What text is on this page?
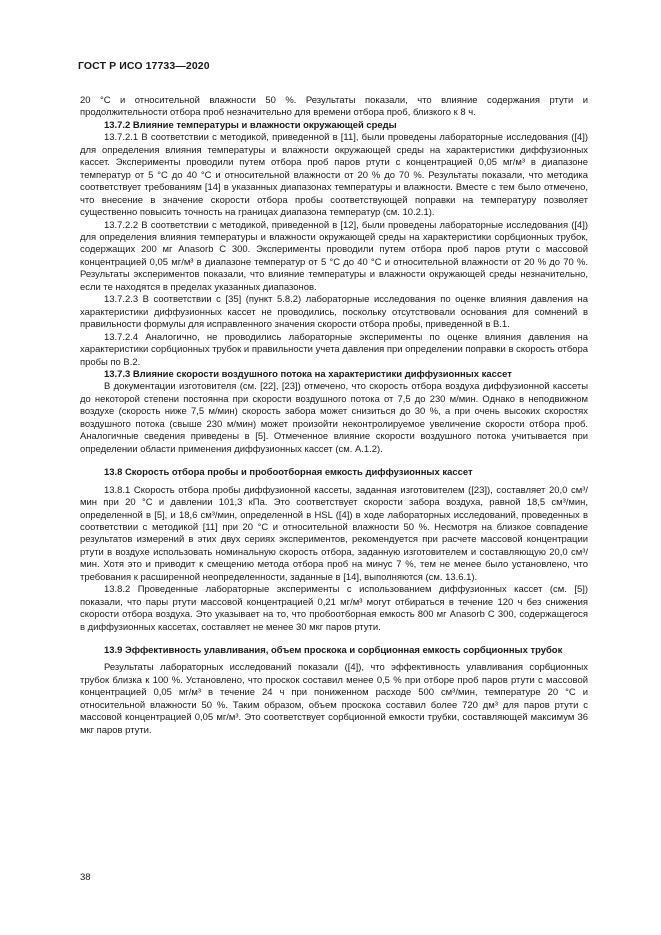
ГОСТ Р ИСО 17733—2020

20 °С и относительной влажности 50 %. Результаты показали, что влияние содержания ртути и продолжительности отбора проб незначительно для времени отбора проб, близкого к 8 ч.

13.7.2 Влияние температуры и влажности окружающей среды

13.7.2.1 В соответствии с методикой, приведенной в [11], были проведены лабораторные исследования ([4]) для определения влияния температуры и влажности окружающей среды на характеристики диффузионных кассет. Эксперименты проводили путем отбора проб паров ртути с концентрацией 0,05 мг/м³ в диапазоне температур от 5 °С до 40 °С и относительной влажности от 20 % до 70 %. Результаты показали, что методика соответствует требованиям [14] в указанных диапазонах температуры и влажности. Вместе с тем было отмечено, что внесение в значение скорости отбора пробы соответствующей поправки на температуру позволяет существенно повысить точность на границах диапазона температур (см. 10.2.1).

13.7.2.2 В соответствии с методикой, приведенной в [12], были проведены лабораторные исследования ([4]) для определения влияния температуры и влажности окружающей среды на характеристики сорбционных трубок, содержащих 200 мг Anasorb С 300. Эксперименты проводили путем отбора проб паров ртути с массовой концентрацией 0,05 мг/м³ в диапазоне температур от 5 °С до 40 °С и относительной влажности от 20 % до 70 %. Результаты экспериментов показали, что влияние температуры и влажности окружающей среды незначительно, если те находятся в пределах указанных диапазонов.

13.7.2.3 В соответствии с [35] (пункт 5.8.2) лабораторные исследования по оценке влияния давления на характеристики диффузионных кассет не проводились, поскольку отсутствовали основания для сомнений в правильности формулы для исправленного значения скорости отбора пробы, приведенной в В.1.

13.7.2.4 Аналогично, не проводились лабораторные эксперименты по оценке влияния давления на характеристики сорбционных трубок и правильности учета давления при определении поправки в скорость отбора пробы по В.2.

13.7.3 Влияние скорости воздушного потока на характеристики диффузионных кассет

В документации изготовителя (см. [22], [23]) отмечено, что скорость отбора воздуха диффузионной кассеты до некоторой степени постоянна при скорости воздушного потока от 7,5 до 230 м/мин. Однако в неподвижном воздухе (скорость ниже 7,5 м/мин) скорость забора может снизиться до 30 %, а при очень высоких скоростях воздушного потока (свыше 230 м/мин) может произойти неконтролируемое увеличение скорости отбора проб. Аналогичные сведения приведены в [5]. Отмеченное влияние скорости воздушного потока учитывается при определении области применения диффузионных кассет (см. А.1.2).

13.8 Скорость отбора пробы и пробоотборная емкость диффузионных кассет

13.8.1 Скорость отбора пробы диффузионной кассеты, заданная изготовителем ([23]), составляет 20,0 см³/мин при 20 °С и давлении 101,3 кПа. Это соответствует скорости забора воздуха, равной 18,5 см³/мин, определенной в [5], и 18,6 см³/мин, определенной в HSL ([4]) в ходе лабораторных исследований, проведенных в соответствии с методикой [11] при 20 °С и относительной влажности 50 %. Несмотря на близкое совпадение результатов измерений в этих двух сериях экспериментов, рекомендуется при расчете массовой концентрации ртути в воздухе использовать номинальную скорость отбора, заданную изготовителем и составляющую 20,0 см³/мин. Хотя это и приводит к смещению метода отбора проб на минус 7 %, тем не менее было установлено, что требования к расширенной неопределенности, заданные в [14], выполняются (см. 13.6.1).

13.8.2 Проведенные лабораторные эксперименты с использованием диффузионных кассет (см. [5]) показали, что пары ртути массовой концентрацией 0,21 мг/м³ могут отбираться в течение 120 ч без снижения скорости отбора воздуха. Это указывает на то, что пробоотборная емкость 800 мг Anasorb С 300, содержащегося в диффузионных кассетах, составляет не менее 30 мкг паров ртути.

13.9 Эффективность улавливания, объем проскока и сорбционная емкость сорбционных трубок

Результаты лабораторных исследований показали ([4]), что эффективность улавливания сорбционных трубок близка к 100 %. Установлено, что проскок составил менее 0,5 % при отборе проб паров ртути с массовой концентрацией 0,05 мг/м³ в течение 24 ч при пониженном расходе 500 см³/мин, температуре 20 °С и относительной влажности 50 %. Таким образом, объем проскока составил более 720 дм³ для паров ртути с массовой концентрацией 0,05 мг/м³. Это соответствует сорбционной емкости трубки, составляющей максимум 36 мкг паров ртути.

38
